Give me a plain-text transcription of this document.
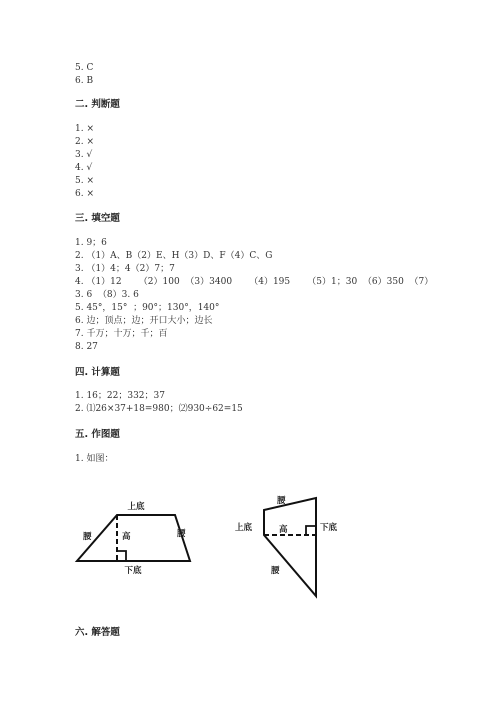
5. C
6. B
二. 判断题
1. ×
2. ×
3. √
4. √
5. ×
6. ×
三. 填空题
1. 9；6
2. （1）A、B（2）E、H（3）D、F（4）C、G
3. （1）4；4（2）7；7
4. （1）12      （2）100  （3）3400      （4）195      （5）1；30  （6）350  （7）
3. 6  （8）3. 6
5. 45°，15°  ；90°；130°，140°
6. 边；顶点；边；开口大小；边长
7. 千万；十万；千；百
8. 27
四. 计算题
1. 16；22；332；37
2. ⑴26×37+18=980；⑵930÷62=15
五. 作图题
1. 如图：
上底
下底
高
腰	腰
腰
上底	下底
高
腰
六. 解答题
